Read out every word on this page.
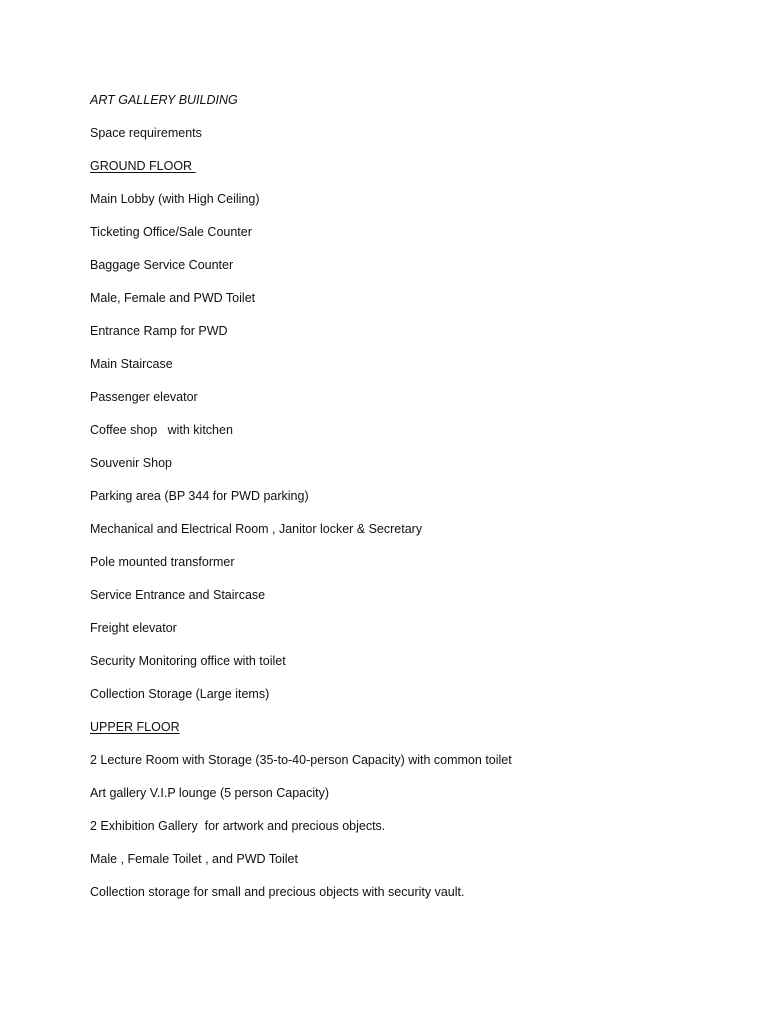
ART GALLERY BUILDING
Space requirements
GROUND FLOOR
Main Lobby (with High Ceiling)
Ticketing Office/Sale Counter
Baggage Service Counter
Male, Female and PWD Toilet
Entrance Ramp for PWD
Main Staircase
Passenger elevator
Coffee shop   with kitchen
Souvenir Shop
Parking area (BP 344 for PWD parking)
Mechanical and Electrical Room , Janitor locker & Secretary
Pole mounted transformer
Service Entrance and Staircase
Freight elevator
Security Monitoring office with toilet
Collection Storage (Large items)
UPPER FLOOR
2 Lecture Room with Storage (35-to-40-person Capacity) with common toilet
Art gallery V.I.P lounge (5 person Capacity)
2 Exhibition Gallery  for artwork and precious objects.
Male , Female Toilet , and PWD Toilet
Collection storage for small and precious objects with security vault.
